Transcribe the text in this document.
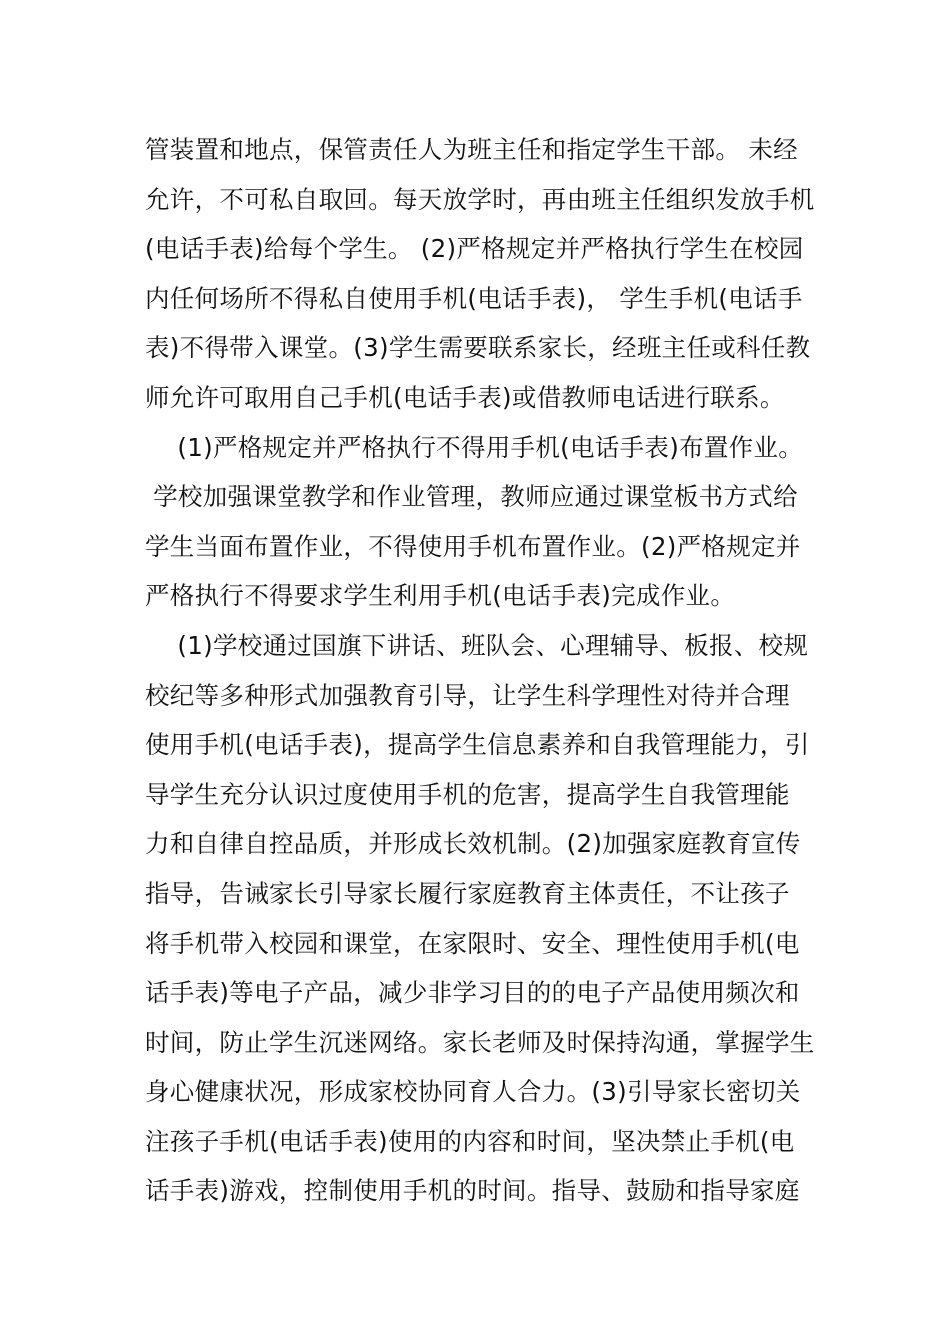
管装置和地点，保管责任人为班主任和指定学生干部。 未经
允许，不可私自取回。每天放学时，再由班主任组织发放手机
(电话手表)给每个学生。 (2)严格规定并严格执行学生在校园
内任何场所不得私自使用手机(电话手表)， 学生手机(电话手
表)不得带入课堂。(3)学生需要联系家长，经班主任或科任教
师允许可取用自己手机(电话手表)或借教师电话进行联系。
(1)严格规定并严格执行不得用手机(电话手表)布置作业。
学校加强课堂教学和作业管理，教师应通过课堂板书方式给
学生当面布置作业，不得使用手机布置作业。(2)严格规定并
严格执行不得要求学生利用手机(电话手表)完成作业。
(1)学校通过国旗下讲话、班队会、心理辅导、板报、校规
校纪等多种形式加强教育引导，让学生科学理性对待并合理
使用手机(电话手表)，提高学生信息素养和自我管理能力，引
导学生充分认识过度使用手机的危害，提高学生自我管理能
力和自律自控品质，并形成长效机制。(2)加强家庭教育宣传
指导，告诫家长引导家长履行家庭教育主体责任，不让孩子
将手机带入校园和课堂，在家限时、安全、理性使用手机(电
话手表)等电子产品，减少非学习目的的电子产品使用频次和
时间，防止学生沉迷网络。家长老师及时保持沟通，掌握学生
身心健康状况，形成家校协同育人合力。(3)引导家长密切关
注孩子手机(电话手表)使用的内容和时间，坚决禁止手机(电
话手表)游戏，控制使用手机的时间。指导、鼓励和指导家庭
